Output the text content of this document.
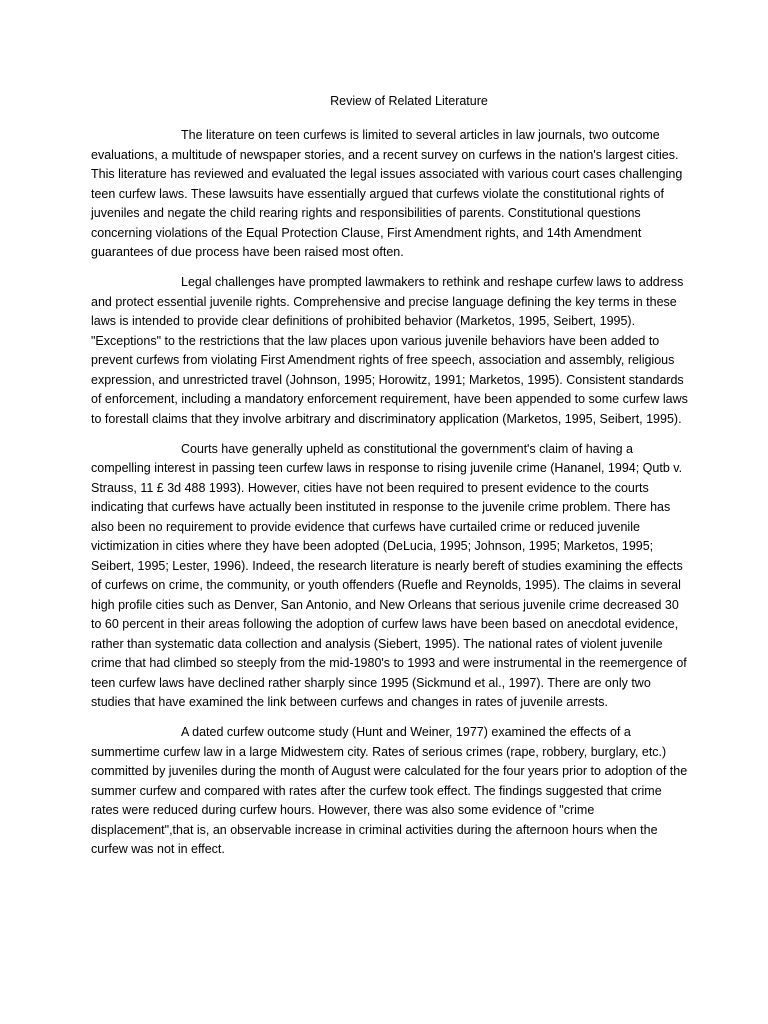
Review of Related Literature

The literature on teen curfews is limited to several articles in law journals, two outcome evaluations, a multitude of newspaper stories, and a recent survey on curfews in the nation's largest cities. This literature has reviewed and evaluated the legal issues associated with various court cases challenging teen curfew laws. These lawsuits have essentially argued that curfews violate the constitutional rights of juveniles and negate the child rearing rights and responsibilities of parents. Constitutional questions concerning violations of the Equal Protection Clause, First Amendment rights, and 14th Amendment guarantees of due process have been raised most often.

Legal challenges have prompted lawmakers to rethink and reshape curfew laws to address and protect essential juvenile rights. Comprehensive and precise language defining the key terms in these laws is intended to provide clear definitions of prohibited behavior (Marketos, 1995, Seibert, 1995). "Exceptions" to the restrictions that the law places upon various juvenile behaviors have been added to prevent curfews from violating First Amendment rights of free speech, association and assembly, religious expression, and unrestricted travel (Johnson, 1995; Horowitz, 1991; Marketos, 1995). Consistent standards of enforcement, including a mandatory enforcement requirement, have been appended to some curfew laws to forestall claims that they involve arbitrary and discriminatory application (Marketos, 1995, Seibert, 1995).

Courts have generally upheld as constitutional the government's claim of having a compelling interest in passing teen curfew laws in response to rising juvenile crime (Hananel, 1994; Qutb v. Strauss, 11 £ 3d 488 1993). However, cities have not been required to present evidence to the courts indicating that curfews have actually been instituted in response to the juvenile crime problem. There has also been no requirement to provide evidence that curfews have curtailed crime or reduced juvenile victimization in cities where they have been adopted (DeLucia, 1995; Johnson, 1995; Marketos, 1995; Seibert, 1995; Lester, 1996). Indeed, the research literature is nearly bereft of studies examining the effects of curfews on crime, the community, or youth offenders (Ruefle and Reynolds, 1995). The claims in several high profile cities such as Denver, San Antonio, and New Orleans that serious juvenile crime decreased 30 to 60 percent in their areas following the adoption of curfew laws have been based on anecdotal evidence, rather than systematic data collection and analysis (Siebert, 1995). The national rates of violent juvenile crime that had climbed so steeply from the mid-1980's to 1993 and were instrumental in the reemergence of teen curfew laws have declined rather sharply since 1995 (Sickmund et al., 1997). There are only two studies that have examined the link between curfews and changes in rates of juvenile arrests.

A dated curfew outcome study (Hunt and Weiner, 1977) examined the effects of a summertime curfew law in a large Midwestem city. Rates of serious crimes (rape, robbery, burglary, etc.) committed by juveniles during the month of August were calculated for the four years prior to adoption of the summer curfew and compared with rates after the curfew took effect. The findings suggested that crime rates were reduced during curfew hours. However, there was also some evidence of "crime displacement",that is, an observable increase in criminal activities during the afternoon hours when the curfew was not in effect.
